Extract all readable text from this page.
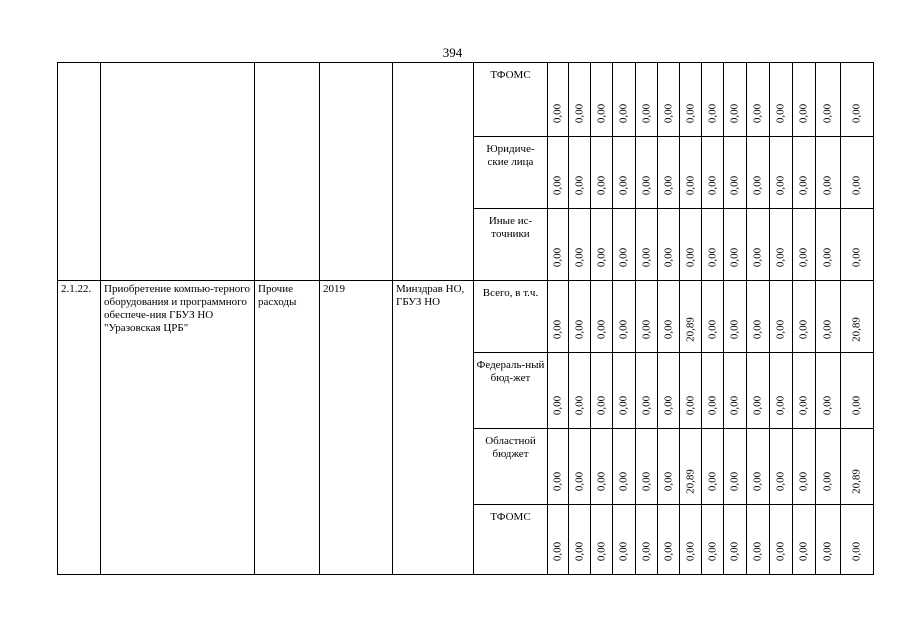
394
					ТФОМС	0,00	0,00	0,00	0,00	0,00	0,00	0,00	0,00	0,00	0,00	0,00	0,00	0,00	0,00

					Юридиче-ские лица	0,00	0,00	0,00	0,00	0,00	0,00	0,00	0,00	0,00	0,00	0,00	0,00	0,00	0,00

					Иные ис-точники	0,00	0,00	0,00	0,00	0,00	0,00	0,00	0,00	0,00	0,00	0,00	0,00	0,00	0,00

2.1.22.	Приобретение компью-терного оборудования и программного обеспече-ния ГБУЗ НО "Уразовская ЦРБ"	Прочие расходы	2019	Минздрав НО, ГБУЗ НО	Всего, в т.ч.	0,00	0,00	0,00	0,00	0,00	0,00	20,89	0,00	0,00	0,00	0,00	0,00	0,00	20,89

					Федераль-ный бюд-жет	0,00	0,00	0,00	0,00	0,00	0,00	0,00	0,00	0,00	0,00	0,00	0,00	0,00	0,00

					Областной бюджет	0,00	0,00	0,00	0,00	0,00	0,00	20,89	0,00	0,00	0,00	0,00	0,00	0,00	20,89

					ТФОМС	0,00	0,00	0,00	0,00	0,00	0,00	0,00	0,00	0,00	0,00	0,00	0,00	0,00	0,00
